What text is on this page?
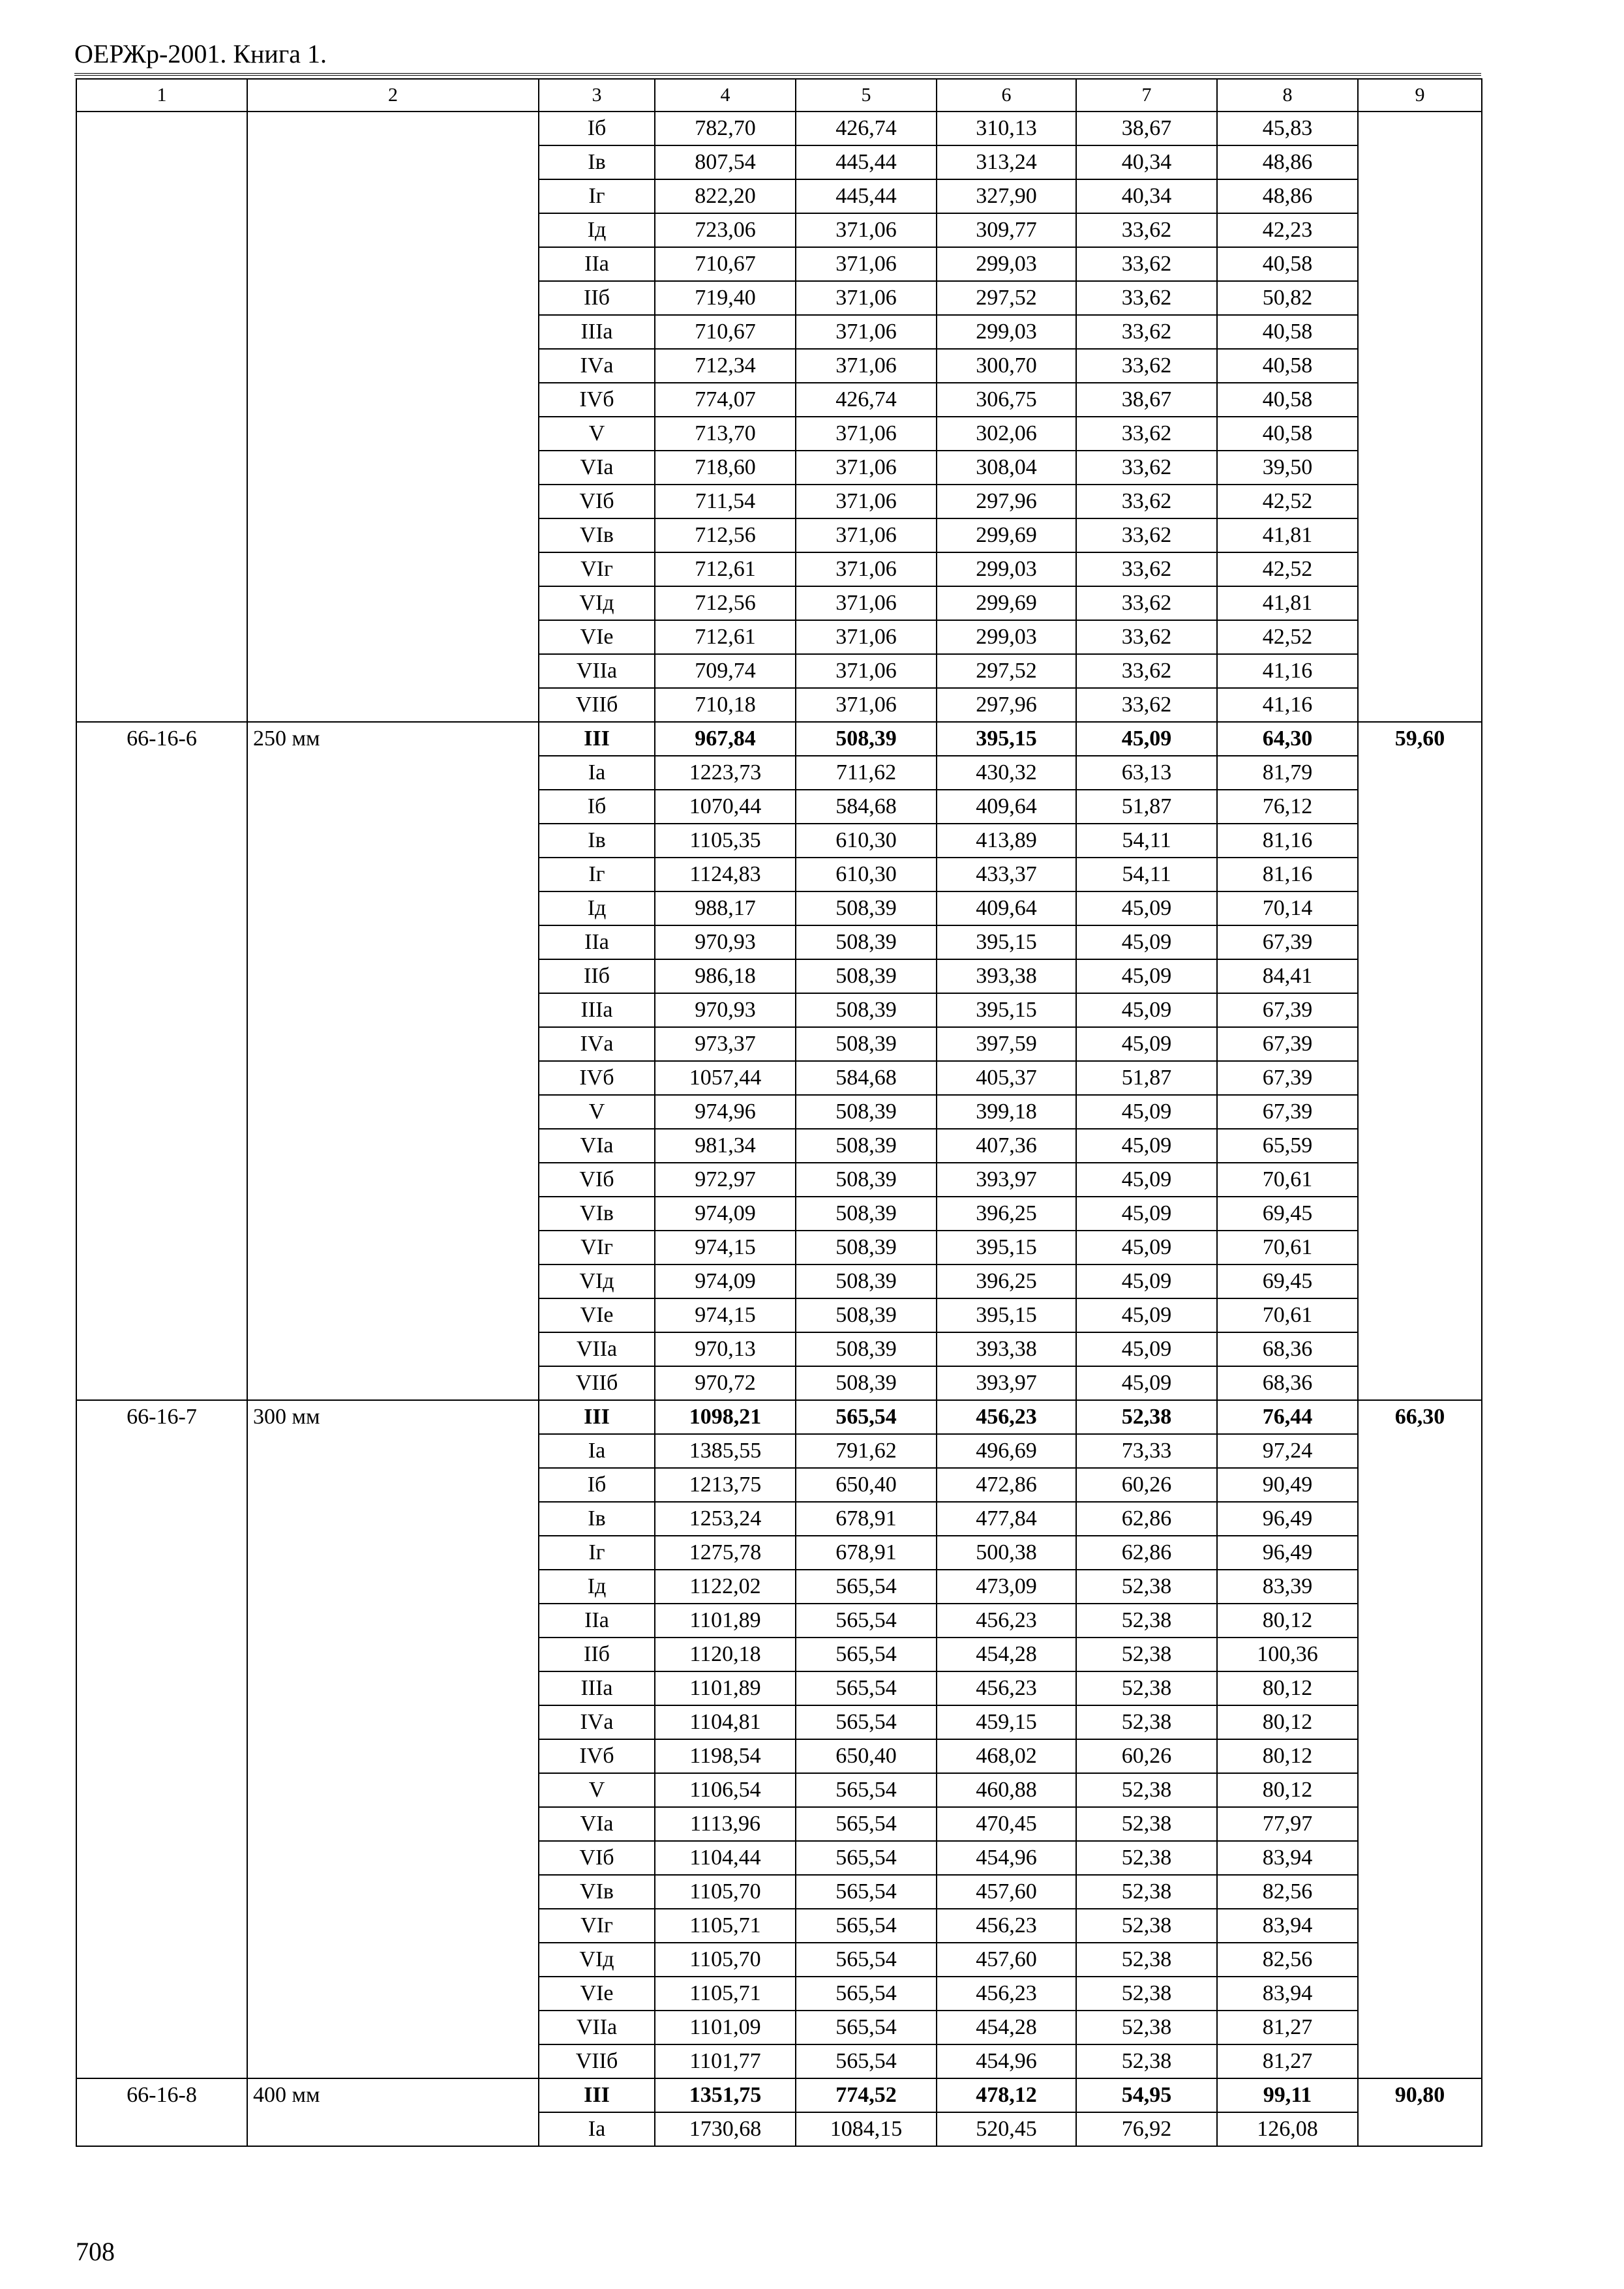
ОЕРЖр-2001. Книга 1.
1	2	3	4	5	6	7	8	9
		Iб	782,70	426,74	310,13	38,67	45,83	
		Iв	807,54	445,44	313,24	40,34	48,86	
		Iг	822,20	445,44	327,90	40,34	48,86	
		Iд	723,06	371,06	309,77	33,62	42,23	
		IIа	710,67	371,06	299,03	33,62	40,58	
		IIб	719,40	371,06	297,52	33,62	50,82	
		IIIа	710,67	371,06	299,03	33,62	40,58	
		IVа	712,34	371,06	300,70	33,62	40,58	
		IVб	774,07	426,74	306,75	38,67	40,58	
		V	713,70	371,06	302,06	33,62	40,58	
		VIа	718,60	371,06	308,04	33,62	39,50	
		VIб	711,54	371,06	297,96	33,62	42,52	
		VIв	712,56	371,06	299,69	33,62	41,81	
		VIг	712,61	371,06	299,03	33,62	42,52	
		VIд	712,56	371,06	299,69	33,62	41,81	
		VIе	712,61	371,06	299,03	33,62	42,52	
		VIIа	709,74	371,06	297,52	33,62	41,16	
		VIIб	710,18	371,06	297,96	33,62	41,16	
66-16-6	250 мм	III	967,84	508,39	395,15	45,09	64,30	59,60
		Iа	1223,73	711,62	430,32	63,13	81,79	
		Iб	1070,44	584,68	409,64	51,87	76,12	
		Iв	1105,35	610,30	413,89	54,11	81,16	
		Iг	1124,83	610,30	433,37	54,11	81,16	
		Iд	988,17	508,39	409,64	45,09	70,14	
		IIа	970,93	508,39	395,15	45,09	67,39	
		IIб	986,18	508,39	393,38	45,09	84,41	
		IIIа	970,93	508,39	395,15	45,09	67,39	
		IVа	973,37	508,39	397,59	45,09	67,39	
		IVб	1057,44	584,68	405,37	51,87	67,39	
		V	974,96	508,39	399,18	45,09	67,39	
		VIа	981,34	508,39	407,36	45,09	65,59	
		VIб	972,97	508,39	393,97	45,09	70,61	
		VIв	974,09	508,39	396,25	45,09	69,45	
		VIг	974,15	508,39	395,15	45,09	70,61	
		VIд	974,09	508,39	396,25	45,09	69,45	
		VIе	974,15	508,39	395,15	45,09	70,61	
		VIIа	970,13	508,39	393,38	45,09	68,36	
		VIIб	970,72	508,39	393,97	45,09	68,36	
66-16-7	300 мм	III	1098,21	565,54	456,23	52,38	76,44	66,30
		Iа	1385,55	791,62	496,69	73,33	97,24	
		Iб	1213,75	650,40	472,86	60,26	90,49	
		Iв	1253,24	678,91	477,84	62,86	96,49	
		Iг	1275,78	678,91	500,38	62,86	96,49	
		Iд	1122,02	565,54	473,09	52,38	83,39	
		IIа	1101,89	565,54	456,23	52,38	80,12	
		IIб	1120,18	565,54	454,28	52,38	100,36	
		IIIа	1101,89	565,54	456,23	52,38	80,12	
		IVа	1104,81	565,54	459,15	52,38	80,12	
		IVб	1198,54	650,40	468,02	60,26	80,12	
		V	1106,54	565,54	460,88	52,38	80,12	
		VIа	1113,96	565,54	470,45	52,38	77,97	
		VIб	1104,44	565,54	454,96	52,38	83,94	
		VIв	1105,70	565,54	457,60	52,38	82,56	
		VIг	1105,71	565,54	456,23	52,38	83,94	
		VIд	1105,70	565,54	457,60	52,38	82,56	
		VIе	1105,71	565,54	456,23	52,38	83,94	
		VIIа	1101,09	565,54	454,28	52,38	81,27	
		VIIб	1101,77	565,54	454,96	52,38	81,27	
66-16-8	400 мм	III	1351,75	774,52	478,12	54,95	99,11	90,80
		Iа	1730,68	1084,15	520,45	76,92	126,08	
708
